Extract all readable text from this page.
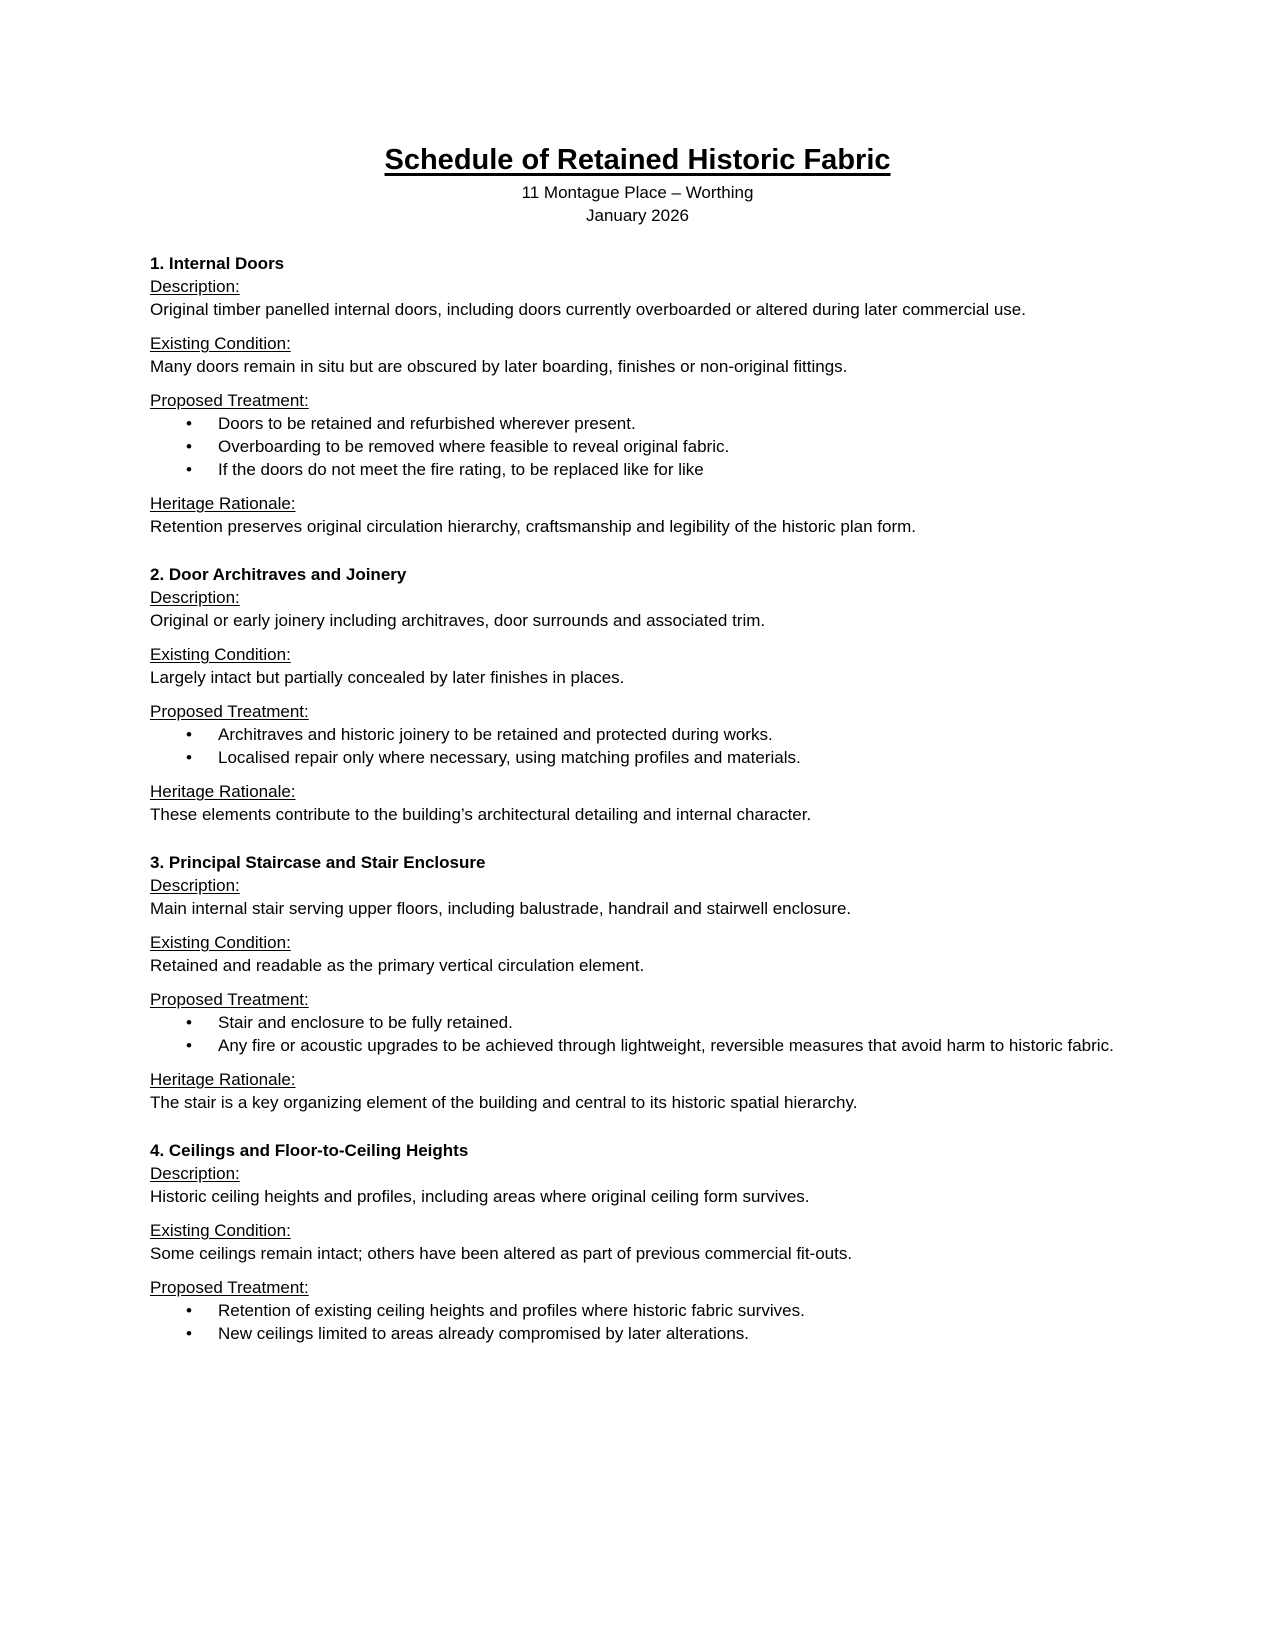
Schedule of Retained Historic Fabric
11 Montague Place – Worthing
January 2026
1. Internal Doors
Description:

Original timber panelled internal doors, including doors currently overboarded or altered during later commercial use.

Existing Condition:

Many doors remain in situ but are obscured by later boarding, finishes or non-original fittings.

Proposed Treatment:
• Doors to be retained and refurbished wherever present.
• Overboarding to be removed where feasible to reveal original fabric.
• If the doors do not meet the fire rating, to be replaced like for like
Heritage Rationale:

Retention preserves original circulation hierarchy, craftsmanship and legibility of the historic plan form.

2. Door Architraves and Joinery
Description:

Original or early joinery including architraves, door surrounds and associated trim.

Existing Condition:

Largely intact but partially concealed by later finishes in places.

Proposed Treatment:
• Architraves and historic joinery to be retained and protected during works.
• Localised repair only where necessary, using matching profiles and materials.
Heritage Rationale:

These elements contribute to the building’s architectural detailing and internal character.

3. Principal Staircase and Stair Enclosure
Description:

Main internal stair serving upper floors, including balustrade, handrail and stairwell enclosure.

Existing Condition:

Retained and readable as the primary vertical circulation element.

Proposed Treatment:
• Stair and enclosure to be fully retained.
• Any fire or acoustic upgrades to be achieved through lightweight, reversible measures that avoid harm to historic fabric.
Heritage Rationale:

The stair is a key organizing element of the building and central to its historic spatial hierarchy.

4. Ceilings and Floor-to-Ceiling Heights
Description:

Historic ceiling heights and profiles, including areas where original ceiling form survives.

Existing Condition:

Some ceilings remain intact; others have been altered as part of previous commercial fit-outs.

Proposed Treatment:
• Retention of existing ceiling heights and profiles where historic fabric survives.
• New ceilings limited to areas already compromised by later alterations.
